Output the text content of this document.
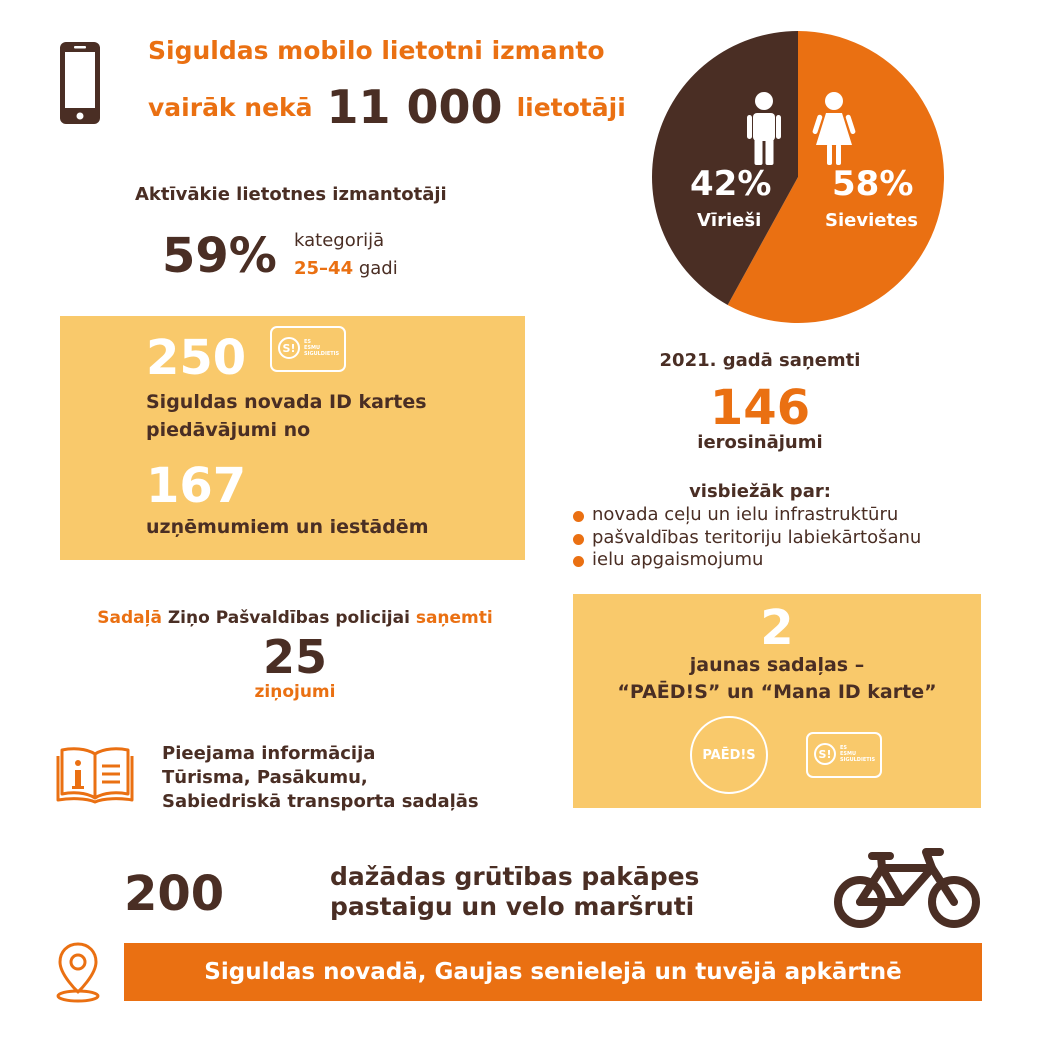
Siguldas mobilo lietotni izmanto
vairāk nekā 11 000 lietotāji
Aktīvākie lietotnes izmantotāji
59% kategorijā
25–44 gadi
42%
Vīrieši
58%
Sievietes
250	S!	ES
ESMU
SIGULDIETIS
Siguldas novada ID kartes
piedāvājumi no
167
uzņēmumiem un iestādēm
2021. gadā saņemti
146
ierosinājumi
visbiežāk par:
novada ceļu un ielu infrastruktūru
pašvaldības teritoriju labiekārtošanu
ielu apgaismojumu
Sadaļā Ziņo Pašvaldības policijai saņemti
25
ziņojumi
Pieejama informācija
Tūrisma, Pasākumu,
Sabiedriskā transporta sadaļās
2
jaunas sadaļas –
“PAĒD!S” un “Mana ID karte”
PAĒD!S	S!	ES
ESMU
SIGULDIETIS
200	dažādas grūtības pakāpes
pastaigu un velo maršruti
Siguldas novadā, Gaujas senielejā un tuvējā apkārtnē
